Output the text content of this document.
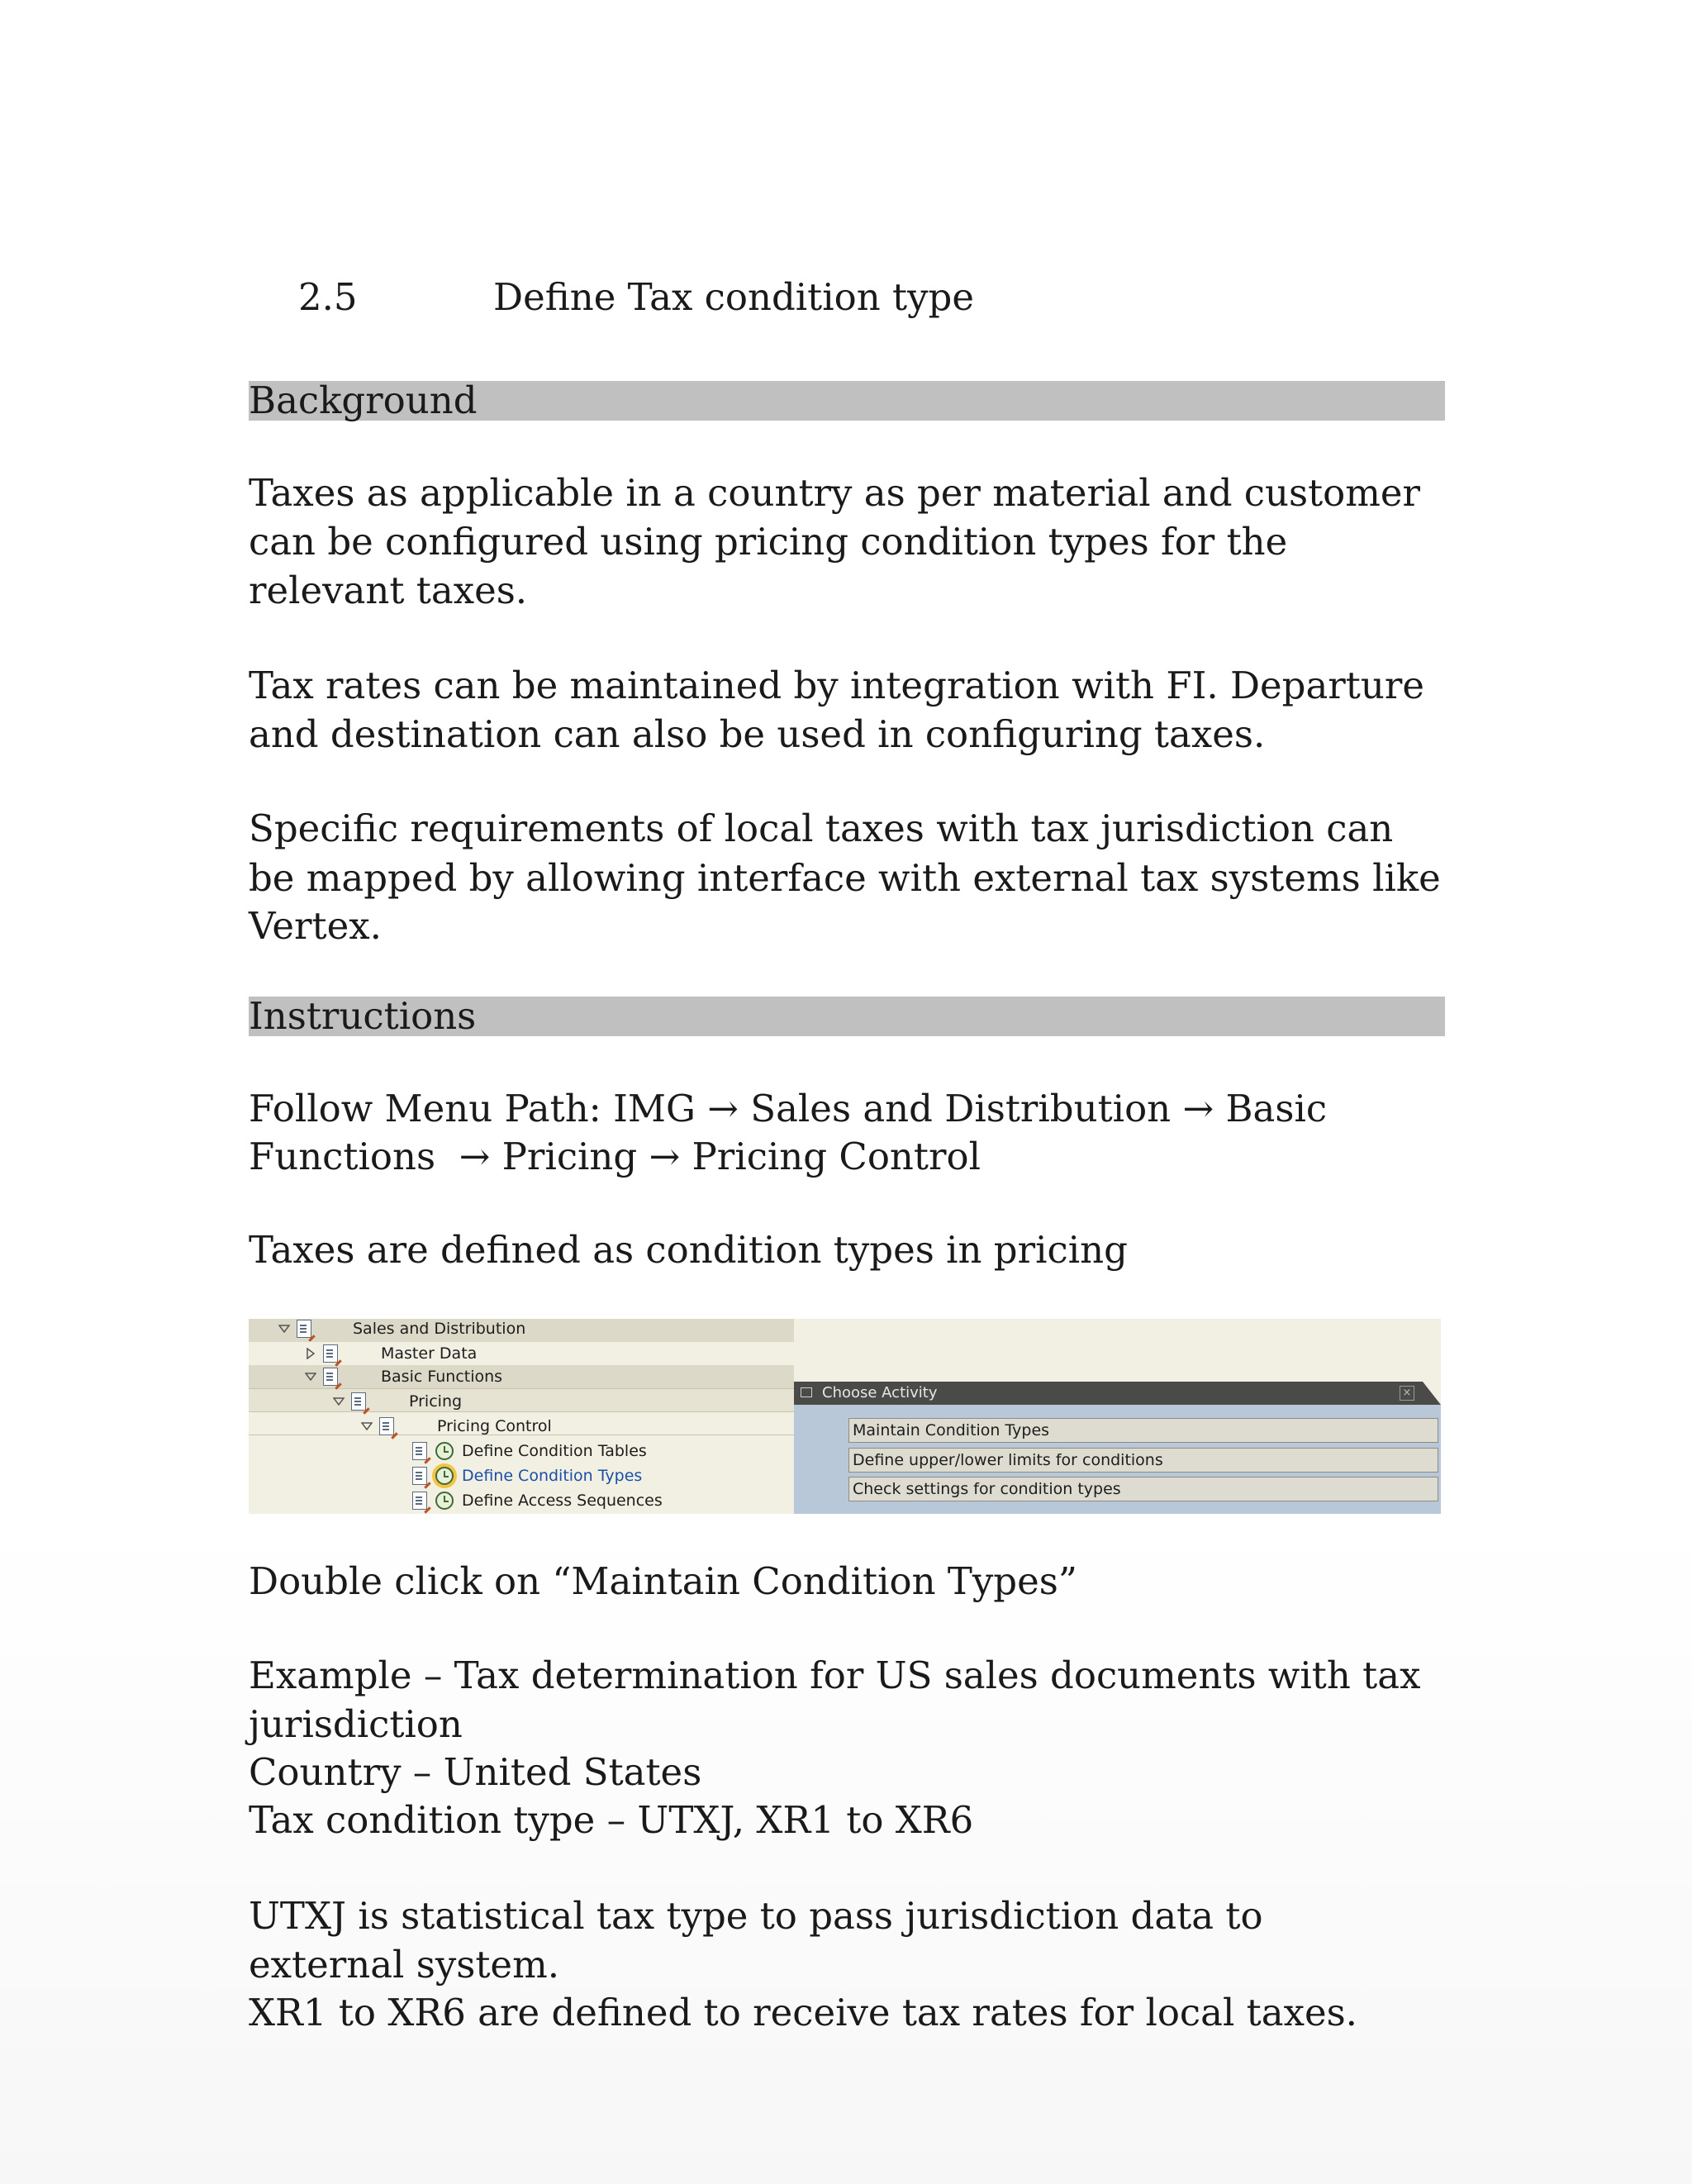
2.5	Define Tax condition type
Background
Taxes as applicable in a country as per material and customer
can be configured using pricing condition types for the
relevant taxes.
Tax rates can be maintained by integration with FI. Departure
and destination can also be used in configuring taxes.
Specific requirements of local taxes with tax jurisdiction can
be mapped by allowing interface with external tax systems like
Vertex.
Instructions
Follow Menu Path: IMG → Sales and Distribution → Basic
Functions  → Pricing → Pricing Control
Taxes are defined as condition types in pricing
Sales and Distribution
Master Data
Basic Functions
Pricing
Pricing Control
Define Condition Tables
Define Condition Types
Define Access Sequences
Choose Activity	×
Maintain Condition Types
Define upper/lower limits for conditions
Check settings for condition types
Double click on “Maintain Condition Types”
Example – Tax determination for US sales documents with tax
jurisdiction
Country – United States
Tax condition type – UTXJ, XR1 to XR6
UTXJ is statistical tax type to pass jurisdiction data to
external system.
XR1 to XR6 are defined to receive tax rates for local taxes.
